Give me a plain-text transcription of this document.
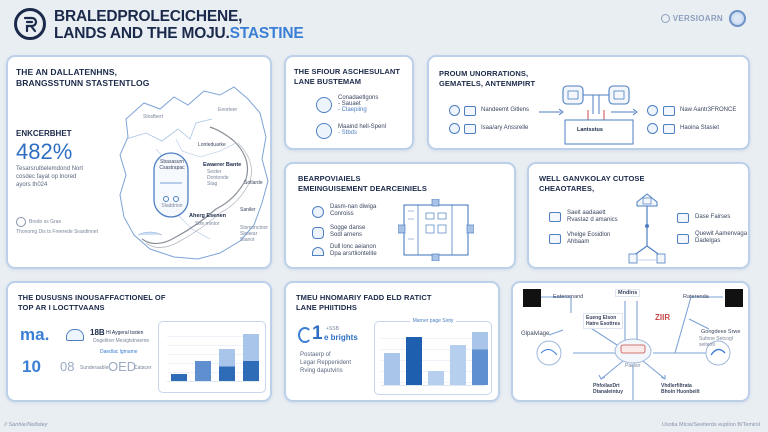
BRALEDPROLECICHENE,
LANDS AND THE MOJU.STASTINE
VERSIOARN
THE AN DALLATENHNS,
BRANGSSTUNN STASTENTLOG
ENKCERBHET
482%
Tesarsrulbelemdond Nort
cosdec fayat op lnored
ayors th024
Bredo ss Grae
Thonomg Dis ts Freerede Srasdinnet
Stosfbert
Eeorteer
Lonteduarke
Ewaerer Bante
Sester Dontonde Stag	Sotlarde
Aherg Esenen
Stre mintor
Saniler
Stsmonctnor Sloaear Stanot
Sbasasurn Csastrapac
Sladdrion
THE SFIOUR ASCHESULANT
LANE BUSTEMAM
Conadaetlgons
- Sauaet
- Claepiing
Maaind hell-Spenl
- Stbds
PROUM UNORRATIONS,
GEMATELS, ANTENMPIRT
Nandeemt Gitlens
Isaa/ary Anssrelle	Lantsstus
Naw Aantr3FRONCE
Haoina Stasiet
BEARPOVIAIELS
EMEINGUISEMENT DEARCEINIELS
Dasm-nan diwiga
Conroiss
Sogge danse
Sodl arnens
Dull lonc aeianon
Dpa arsrtliontelite
WELL GANVKOLAY CUTOSE
CHEAOTARES,
Saeit aadaaett
Rvastaz d amanics
Vhelge Eosidlon
Ahbaam
Dase Fairses
Quewit Aamenvaga
Dadelgas
THE DUSUSNS INOUSAFFACTIONEL OF
TOP AR I LOCTTVAANS
ma.	18B Hl Aygeral tssten
Dogeliton Mesigtstnseme
Daedlac lgmame
10 08 Sunderaable OED
Catacer
TMEU HNOMARIY FADD ELD RATICT
LANE PHIITIDHS
1 +SSB
e brights
Postaerp of
Legar Reppenident
Rving daputvins
Marner page Sioty
Mndins
Eaterornand	Raterenda
Eueng Elson
Hatre Esottres
Glpalvlage
ZIIR
Gongdees Srwe
Sufone Setcogl seitenti
Paelsn
PhfoilaxDrt
Dtanaleintuy
Vhdlerfiltrata
Bhoin Huonbeilt
// Sanhie/Nelbdey	Usotia Micia/Seeiterds euplion B/Temirsl
